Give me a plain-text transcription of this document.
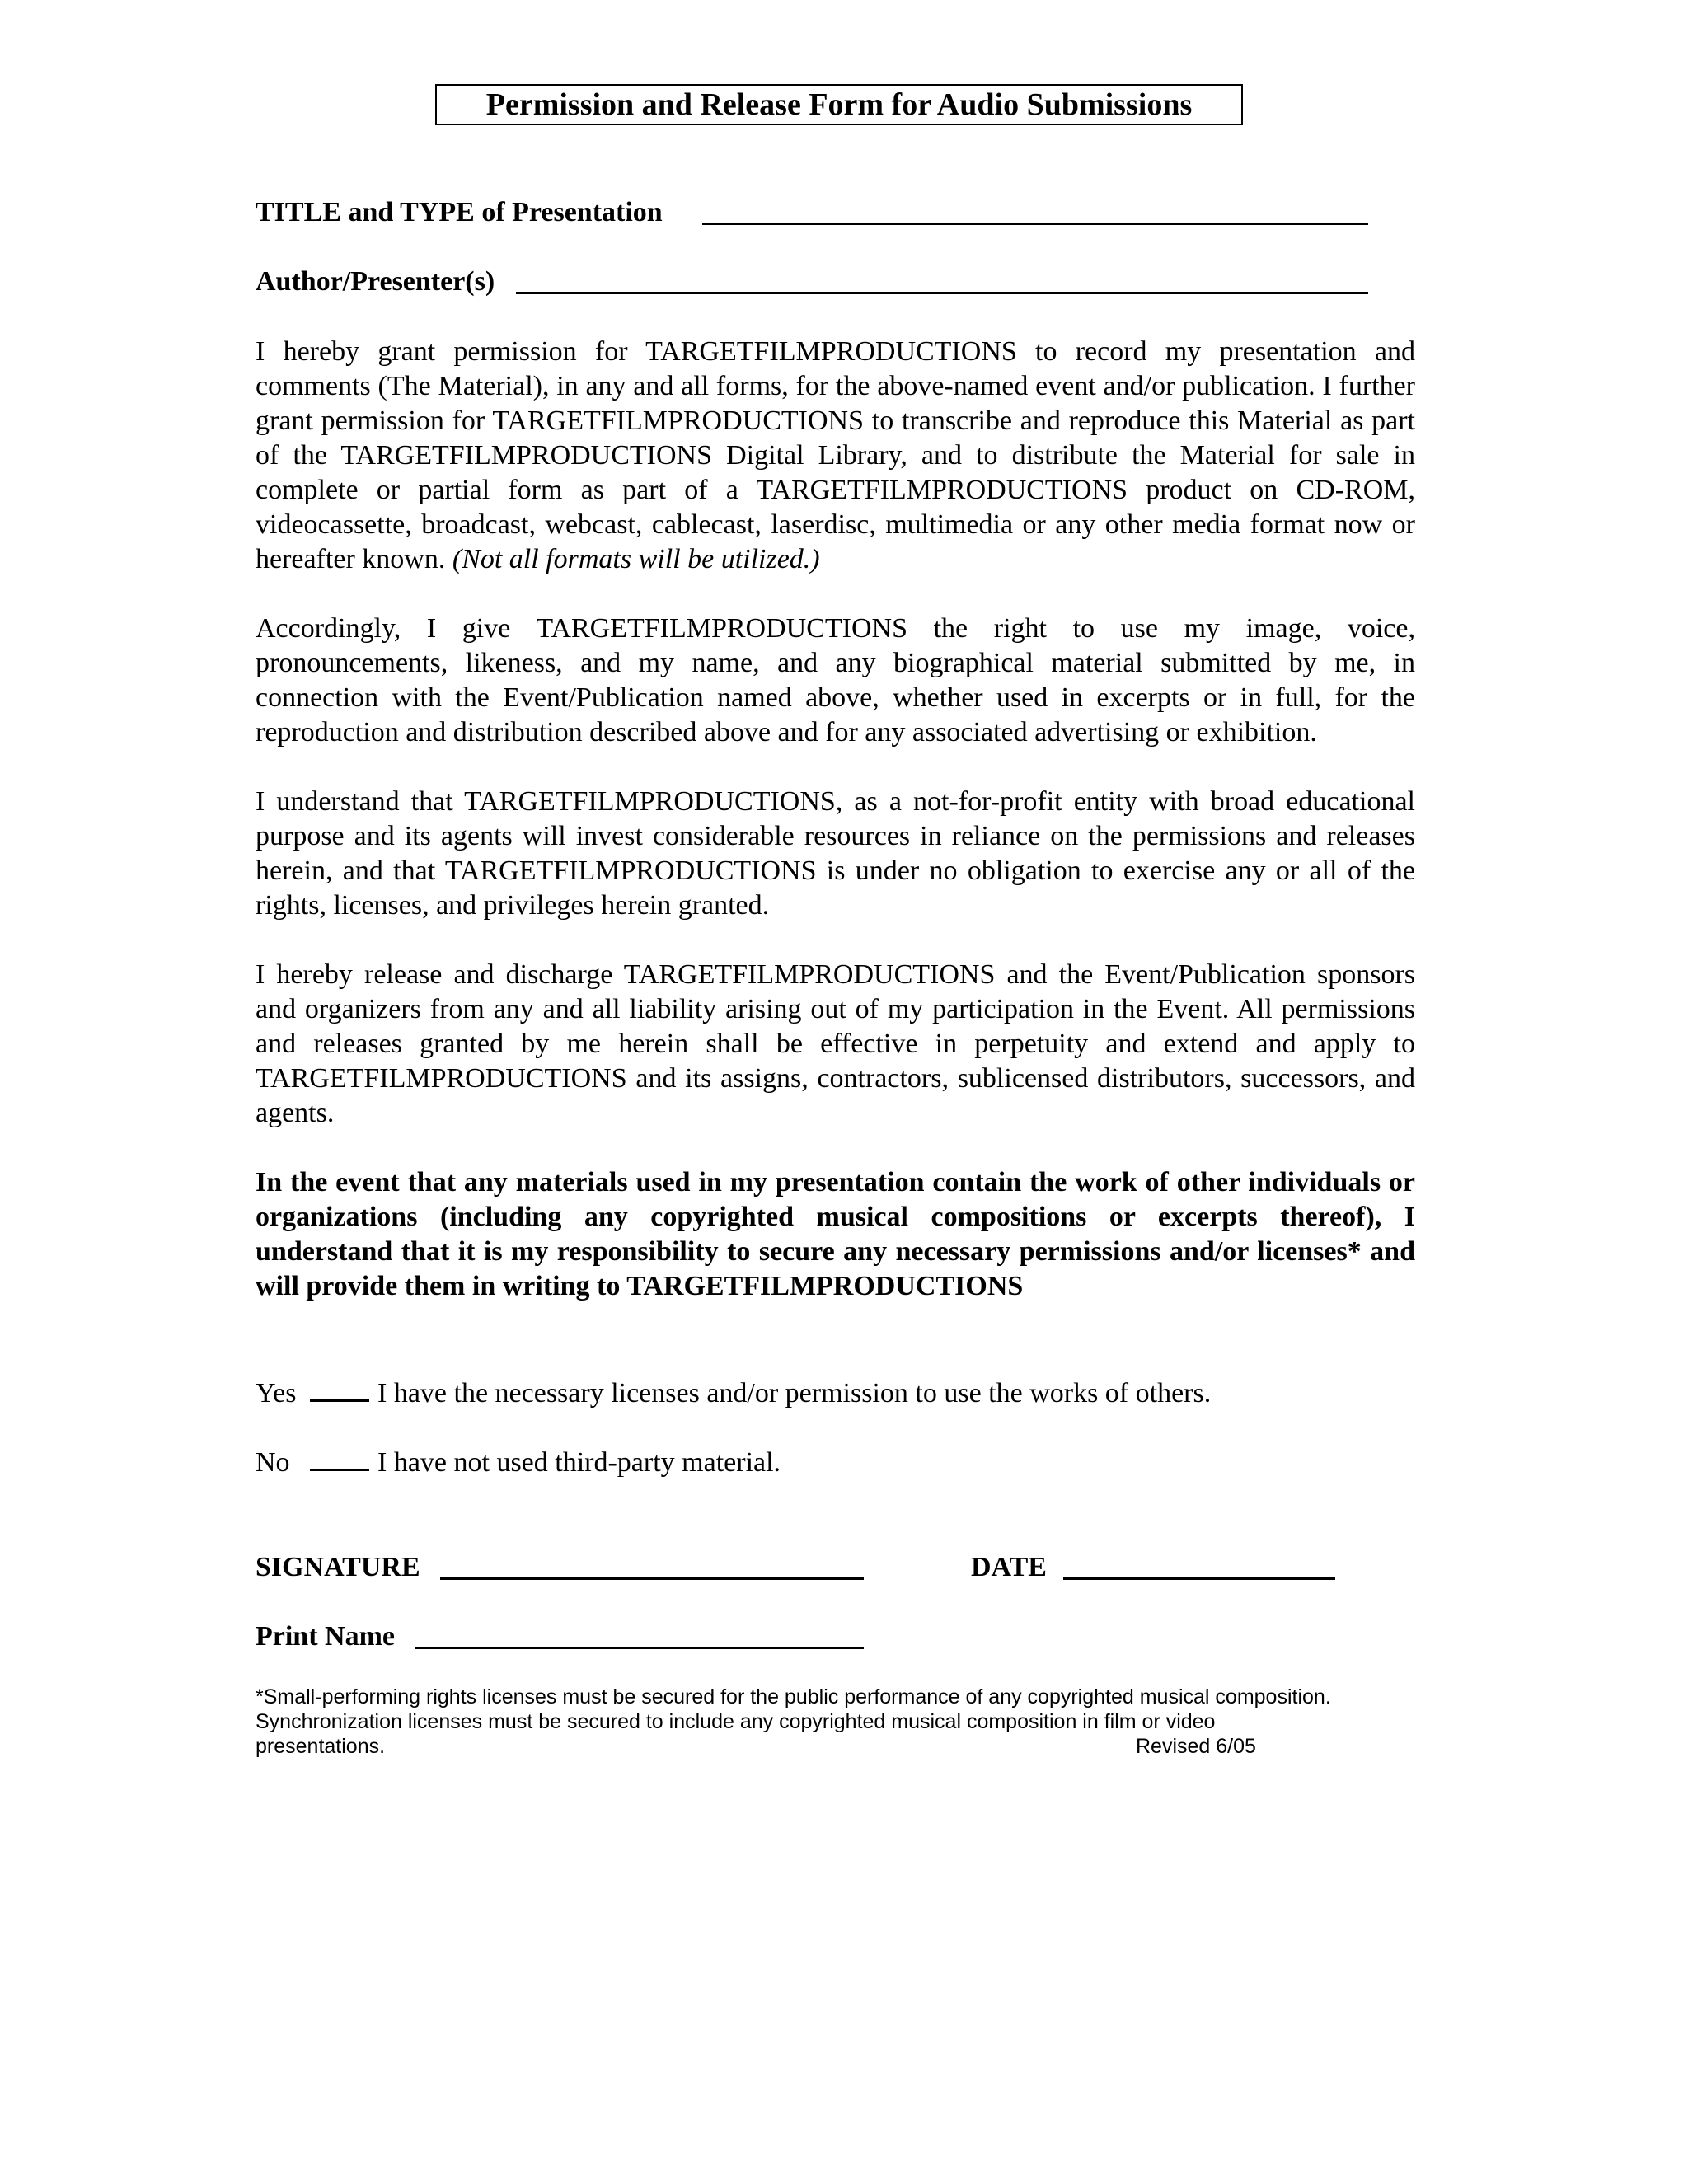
Permission and Release Form for Audio Submissions
TITLE and TYPE of Presentation
Author/Presenter(s)
I hereby grant permission for TARGETFILMPRODUCTIONS to record my presentation and comments (The Material), in any and all forms, for the above-named event and/or publication. I further grant permission for TARGETFILMPRODUCTIONS to transcribe and reproduce this Material as part of the TARGETFILMPRODUCTIONS Digital Library, and to distribute the Material for sale in complete or partial form as part of a TARGETFILMPRODUCTIONS product on CD-ROM, videocassette, broadcast, webcast, cablecast, laserdisc, multimedia or any other media format now or hereafter known. (Not all formats will be utilized.)
Accordingly, I give TARGETFILMPRODUCTIONS the right to use my image, voice, pronouncements, likeness, and my name, and any biographical material submitted by me, in connection with the Event/Publication named above, whether used in excerpts or in full, for the reproduction and distribution described above and for any associated advertising or exhibition.
I understand that TARGETFILMPRODUCTIONS, as a not-for-profit entity with broad educational purpose and its agents will invest considerable resources in reliance on the permissions and releases herein, and that TARGETFILMPRODUCTIONS is under no obligation to exercise any or all of the rights, licenses, and privileges herein granted.
I hereby release and discharge TARGETFILMPRODUCTIONS and the Event/Publication sponsors and organizers from any and all liability arising out of my participation in the Event. All permissions and releases granted by me herein shall be effective in perpetuity and extend and apply to TARGETFILMPRODUCTIONS and its assigns, contractors, sublicensed distributors, successors, and agents.
In the event that any materials used in my presentation contain the work of other individuals or organizations (including any copyrighted musical compositions or excerpts thereof), I understand that it is my responsibility to secure any necessary permissions and/or licenses* and will provide them in writing to TARGETFILMPRODUCTIONS
Yes	I have the necessary licenses and/or permission to use the works of others.
No	I have not used third-party material.
SIGNATURE	DATE
Print Name
*Small-performing rights licenses must be secured for the public performance of any copyrighted musical composition.
Synchronization licenses must be secured to include any copyrighted musical composition in film or video
presentations.	Revised 6/05
